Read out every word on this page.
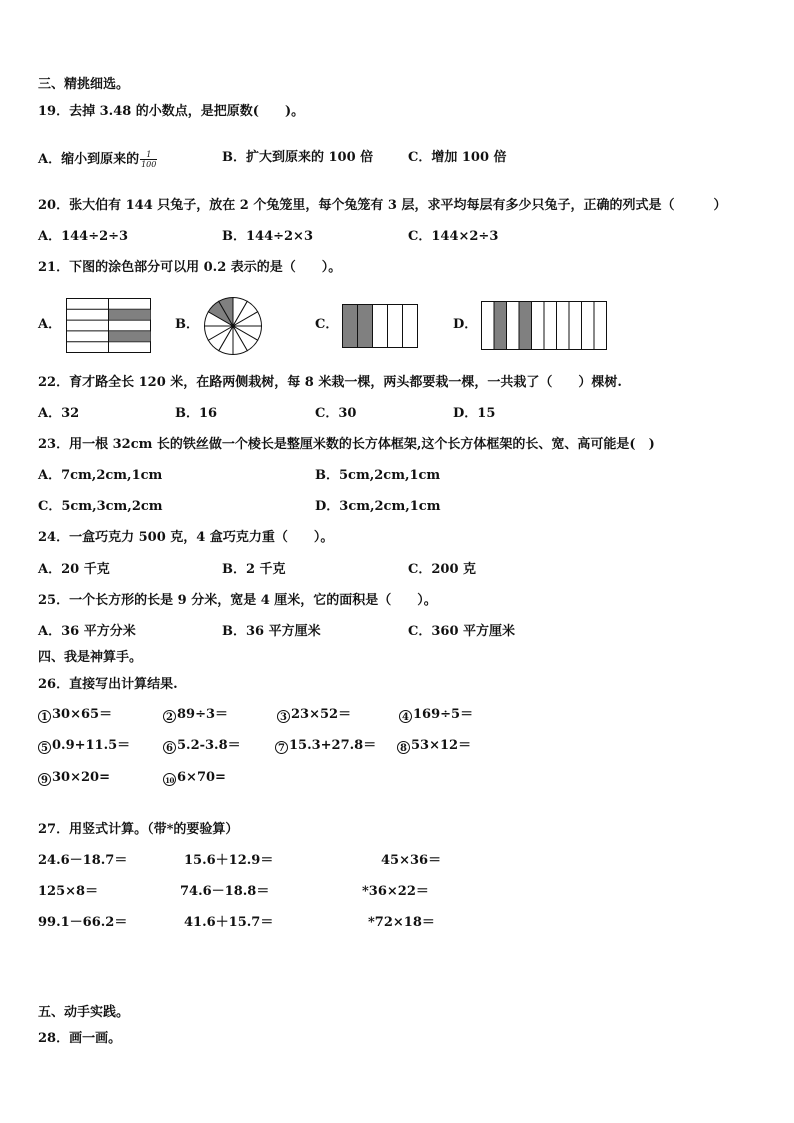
三、精挑细选。
19．去掉 3.48 的小数点，是把原数(　　)。
A．缩小到原来的 $\frac{1}{100}$	B．扩大到原来的 100 倍	C．增加 100 倍
20．张大伯有 144 只兔子，放在 2 个兔笼里，每个兔笼有 3 层，求平均每层有多少只兔子，正确的列式是（　　　）
A．144÷2÷3	B．144÷2×3	C．144×2÷3
21．下图的涂色部分可以用 0.2 表示的是（　　）。
A．	B．	C．	D．
22．育才路全长 120 米，在路两侧栽树，每 8 米栽一棵，两头都要栽一棵，一共栽了（　　）棵树.
A．32	B．16	C．30	D．15
23．用一根 32cm 长的铁丝做一个棱长是整厘米数的长方体框架,这个长方体框架的长、宽、高可能是(　)
A．7cm,2cm,1cm	B．5cm,2cm,1cm
C．5cm,3cm,2cm	D．3cm,2cm,1cm
24．一盒巧克力 500 克，4 盒巧克力重（　　）。
A．20 千克	B．2 千克	C．200 克
25．一个长方形的长是 9 分米，宽是 4 厘米，它的面积是（　　）。
A．36 平方分米	B．36 平方厘米	C．360 平方厘米
四、我是神算手。
26．直接写出计算结果.
1 30×65＝	2 89÷3＝	3 23×52＝	4 169÷5＝
5 0.9+11.5＝	6 5.2-3.8＝	7 15.3+27.8＝	8 53×12＝
9 30×20=	10 6×70=
27．用竖式计算。（带*的要验算）
24.6－18.7＝	15.6＋12.9＝	45×36＝
125×8＝	74.6－18.8＝	*36×22＝
99.1－66.2＝	41.6＋15.7＝	*72×18＝
五、动手实践。
28．画一画。
